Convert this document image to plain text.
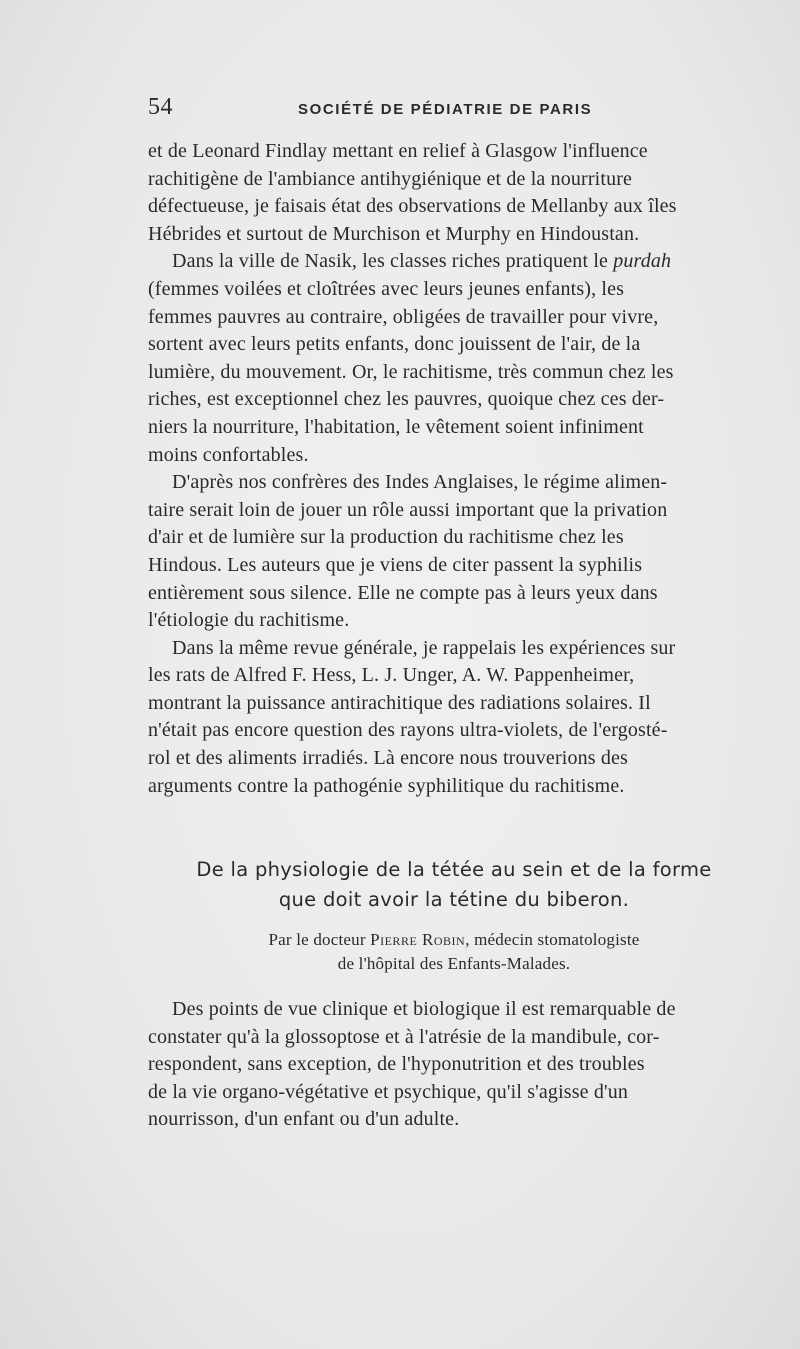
54	SOCIÉTÉ DE PÉDIATRIE DE PARIS
et de Leonard Findlay mettant en relief à Glasgow l'influence
rachitigène de l'ambiance antihygiénique et de la nourriture
défectueuse, je faisais état des observations de Mellanby aux îles
Hébrides et surtout de Murchison et Murphy en Hindoustan.
Dans la ville de Nasik, les classes riches pratiquent le purdah
(femmes voilées et cloîtrées avec leurs jeunes enfants), les
femmes pauvres au contraire, obligées de travailler pour vivre,
sortent avec leurs petits enfants, donc jouissent de l'air, de la
lumière, du mouvement. Or, le rachitisme, très commun chez les
riches, est exceptionnel chez les pauvres, quoique chez ces der-
niers la nourriture, l'habitation, le vêtement soient infiniment
moins confortables.
D'après nos confrères des Indes Anglaises, le régime alimen-
taire serait loin de jouer un rôle aussi important que la privation
d'air et de lumière sur la production du rachitisme chez les
Hindous. Les auteurs que je viens de citer passent la syphilis
entièrement sous silence. Elle ne compte pas à leurs yeux dans
l'étiologie du rachitisme.
Dans la même revue générale, je rappelais les expériences sur
les rats de Alfred F. Hess, L. J. Unger, A. W. Pappenheimer,
montrant la puissance antirachitique des radiations solaires. Il
n'était pas encore question des rayons ultra-violets, de l'ergosté-
rol et des aliments irradiés. Là encore nous trouverions des
arguments contre la pathogénie syphilitique du rachitisme.
De la physiologie de la tétée au sein et de la forme
que doit avoir la tétine du biberon.
Par le docteur Pierre Robin, médecin stomatologiste
de l'hôpital des Enfants-Malades.
Des points de vue clinique et biologique il est remarquable de
constater qu'à la glossoptose et à l'atrésie de la mandibule, cor-
respondent, sans exception, de l'hyponutrition et des troubles
de la vie organo-végétative et psychique, qu'il s'agisse d'un
nourrisson, d'un enfant ou d'un adulte.
